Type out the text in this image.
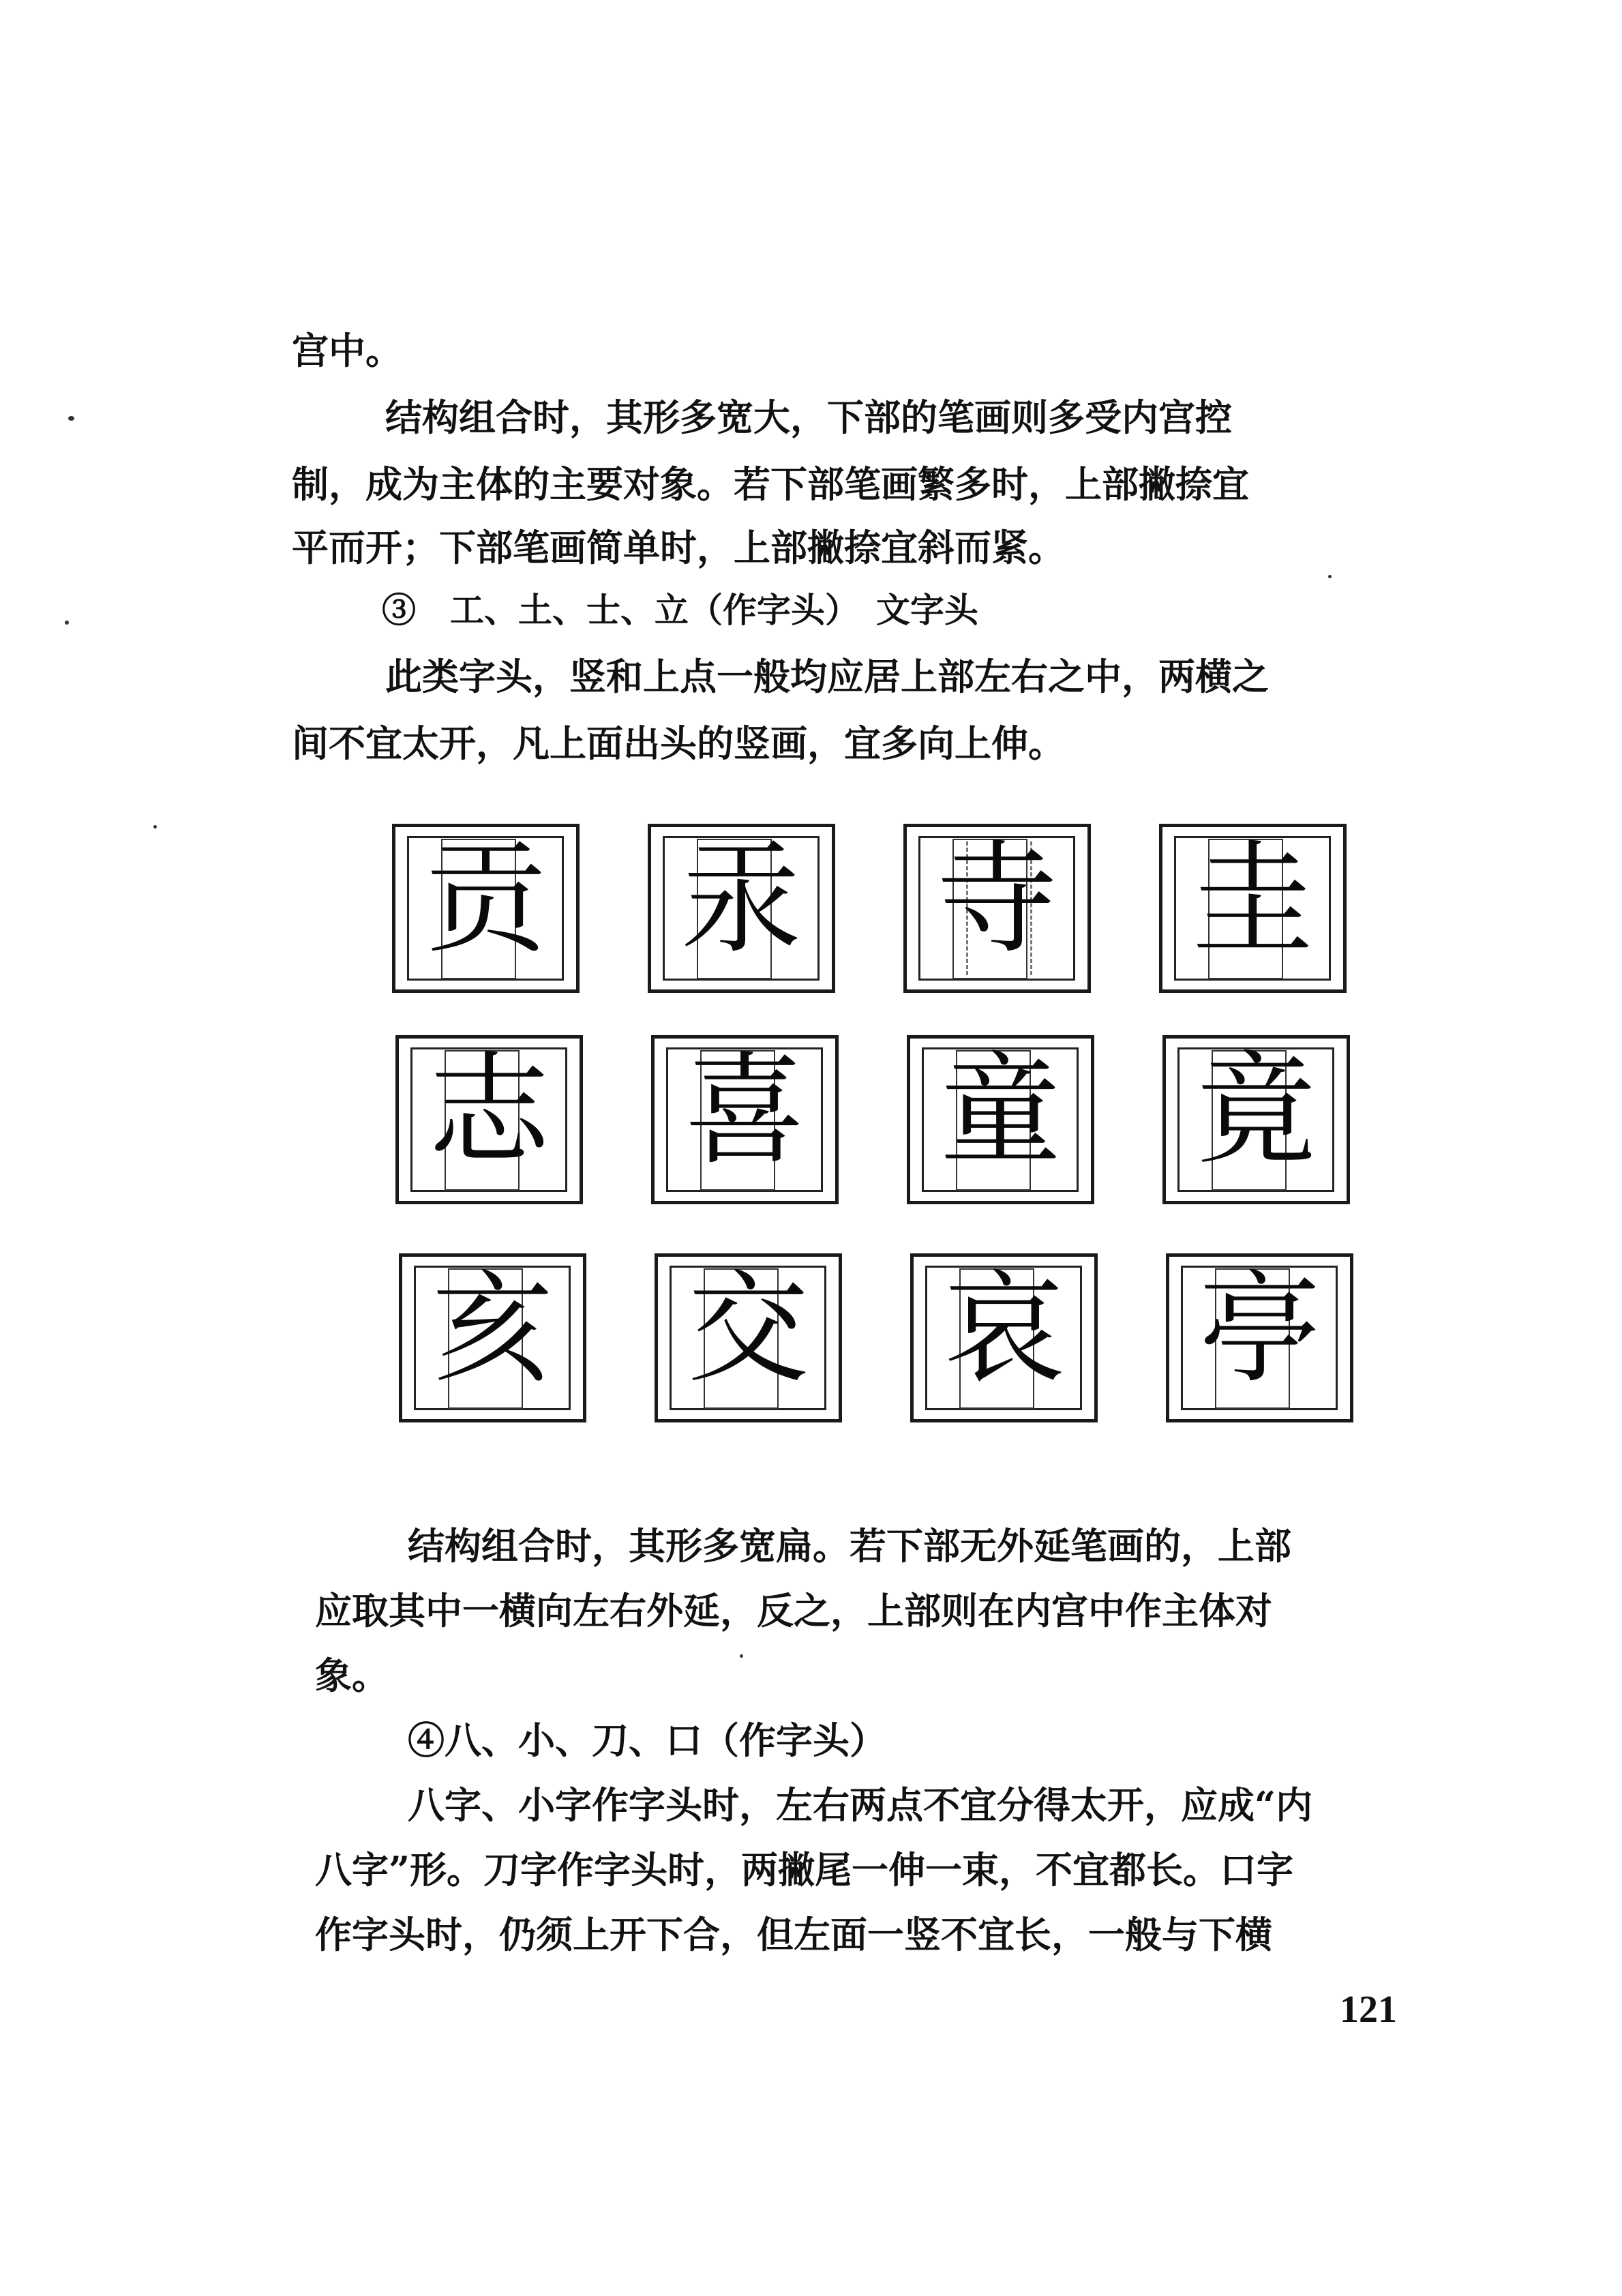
宫中。

结构组合时，其形多宽大，下部的笔画则多受内宫控

制，成为主体的主要对象。若下部笔画繁多时，上部撇捺宜

平而开；下部笔画简单时，上部撇捺宜斜而紧。

③　工、土、士、立（作字头）　文字头

此类字头，竖和上点一般均应居上部左右之中，两横之

间不宜太开，凡上面出头的竖画，宜多向上伸。

贡 汞 寺 圭
志 喜 童 竟
亥 交 哀 亭

结构组合时，其形多宽扁。若下部无外延笔画的，上部

应取其中一横向左右外延，反之，上部则在内宫中作主体对

象。

④八、小、刀、口（作字头）

八字、小字作字头时，左右两点不宜分得太开，应成“内

八字”形。刀字作字头时，两撇尾一伸一束，不宜都长。口字

作字头时，仍须上开下合，但左面一竖不宜长，一般与下横

121
